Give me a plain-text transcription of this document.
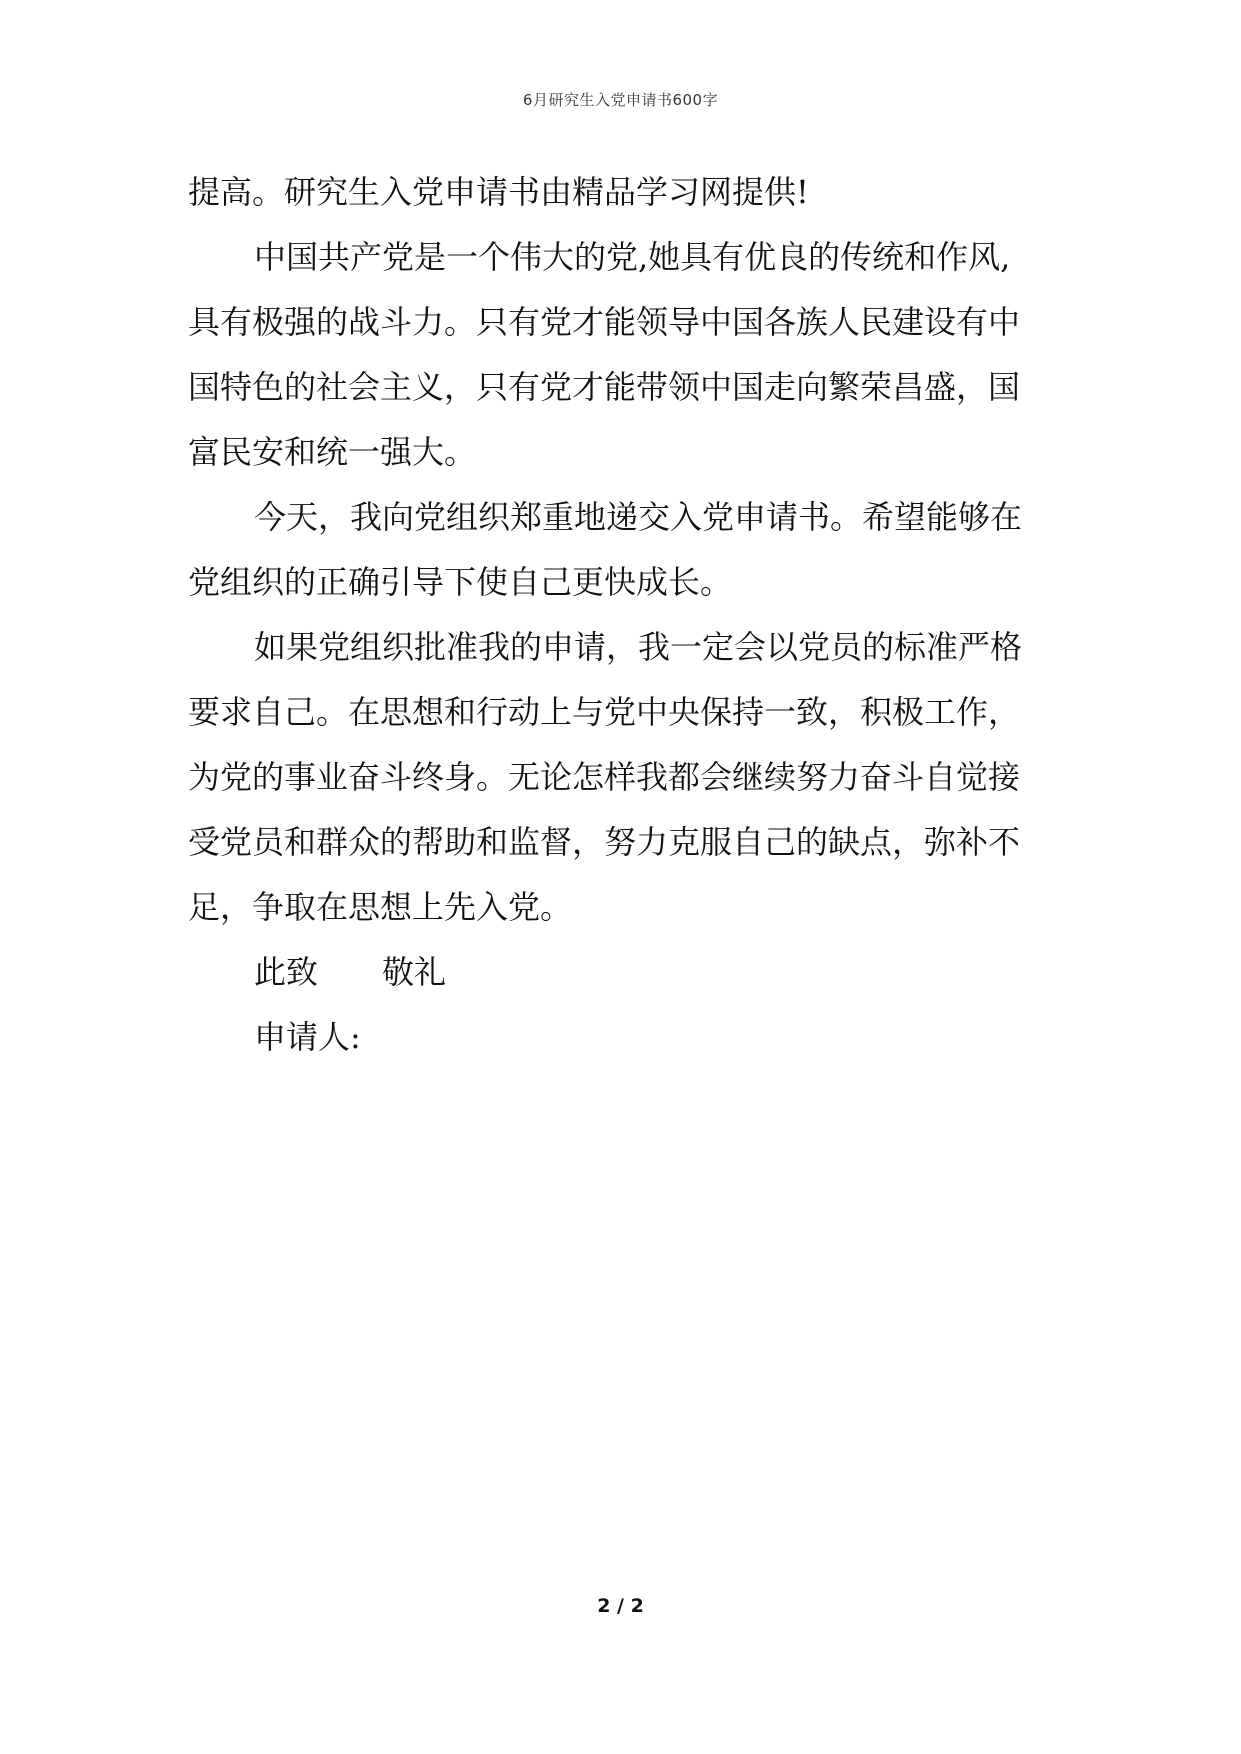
6月研究生入党申请书600字
提高。研究生入党申请书由精品学习网提供!
中国共产党是一个伟大的党,她具有优良的传统和作风,
具有极强的战斗力。只有党才能领导中国各族人民建设有中
国特色的社会主义，只有党才能带领中国走向繁荣昌盛，国
富民安和统一强大。
今天，我向党组织郑重地递交入党申请书。希望能够在
党组织的正确引导下使自己更快成长。
如果党组织批准我的申请，我一定会以党员的标准严格
要求自己。在思想和行动上与党中央保持一致，积极工作，
为党的事业奋斗终身。无论怎样我都会继续努力奋斗自觉接
受党员和群众的帮助和监督，努力克服自己的缺点，弥补不
足，争取在思想上先入党。
此致 敬礼
申请人:
2 / 2
